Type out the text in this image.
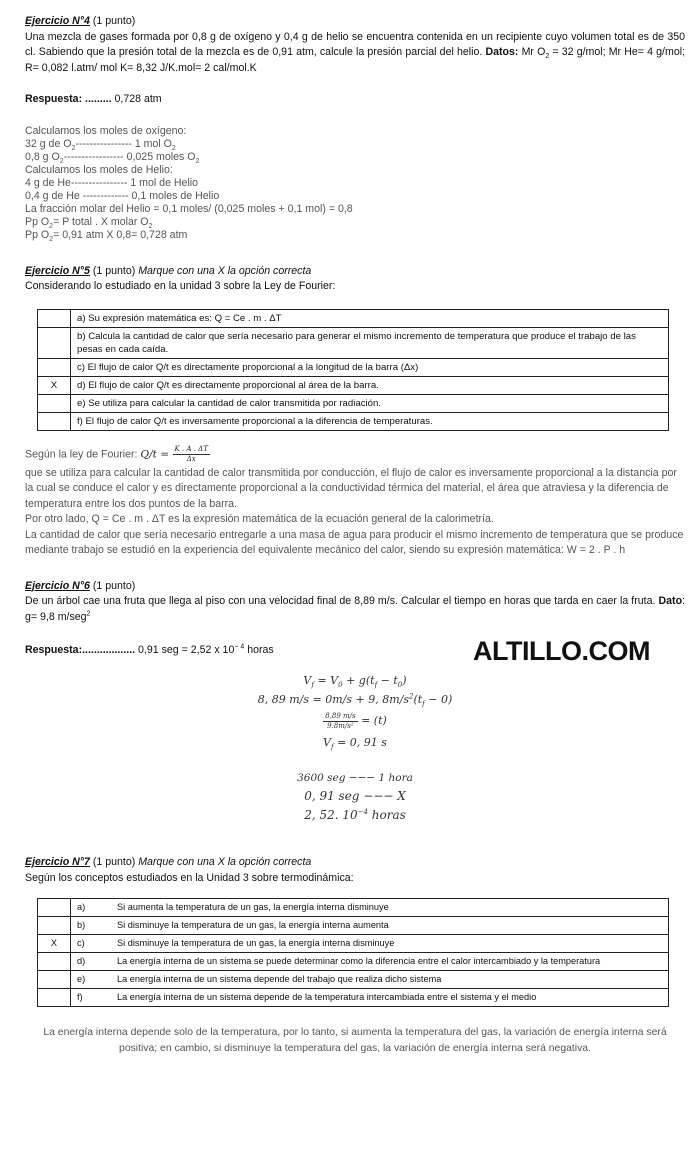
Ejercicio N°4 (1 punto)
Una mezcla de gases formada por 0,8 g de oxígeno y 0,4 g de helio se encuentra contenida en un recipiente cuyo volumen total es de 350 cl. Sabiendo que la presión total de la mezcla es de 0,91 atm, calcule la presión parcial del helio. Datos: Mr $O_2 = 32$ g/mol; Mr He= 4 g/mol; R= 0,082 l.atm/ mol K= 8,32 J/K.mol= 2 cal/mol.K
Respuesta: ......... 0,728 atm
Calculamos los moles de oxígeno:
32 g de $O_2----------------$ 1 mol $O_2$
0,8 g $O_2-----------------$ 0,025 moles $O_2$
Calculamos los moles de Helio:
4 g de He---------------- 1 mol de Helio
0,4 g de He ------------- 0,1 moles de Helio
La fracción molar del Helio = 0,1 moles/ (0,025 moles + 0,1 mol) = 0,8
Pp $O_2= P$ total . X molar $O_2$
Pp $O_2= 0,91$ atm X 0,8= 0,728 atm
Ejercicio N°5 (1 punto) Marque con una X la opción correcta
Considerando lo estudiado en la unidad 3 sobre la Ley de Fourier:
	a) Su expresión matemática es: Q = Ce . m . ΔT
	b) Calcula la cantidad de calor que sería necesario para generar el mismo incremento de temperatura que produce el trabajo de las pesas en cada caída.
	c) El flujo de calor Q/t es directamente proporcional a la longitud de la barra (Δx)
X	d) El flujo de calor Q/t es directamente proporcional al área de la barra.
	e) Se utiliza para calcular la cantidad de calor transmitida por radiación.
	f) El flujo de calor Q/t es inversamente proporcional a la diferencia de temperaturas.
Según la ley de Fourier: $Q/t = \frac{K . A . \Delta T}{\Delta x}$
que se utiliza para calcular la cantidad de calor transmitida por conducción, el flujo de calor es inversamente proporcional a la distancia por la cual se conduce el calor y es directamente proporcional a la conductividad térmica del material, el área que atraviesa y la diferencia de temperatura entre los dos puntos de la barra.
Por otro lado, Q = Ce . m . ΔT es la expresión matemática de la ecuación general de la calorimetría.
La cantidad de calor que sería necesario entregarle a una masa de agua para producir el mismo incremento de temperatura que se produce mediante trabajo se estudió en la experiencia del equivalente mecánico del calor, siendo su expresión matemática: W = 2 . P . h
Ejercicio N°6 (1 punto)
De un árbol cae una fruta que llega al piso con una velocidad final de 8,89 m/s. Calcular el tiempo en horas que tarda en caer la fruta. Dato: g= 9,8 m/seg$^2$
Respuesta:.................. 0,91 seg = 2,52 x $10^{- 4}$ horas	ALTILLO.COM
$V_f = V_0 + g(t_f - t_0)$
8, 89 m/s = 0m/s + 9, $8m/s^2(t_f - 0)$
$\frac{8,89 m/s}{\text{9.8m/s²}} = (t)$
$V_f = 0$, 91 s
3600 seg −−− 1 hora
0, 91 seg −−− X
2, 52. $10^{-4}$ horas
Ejercicio N°7 (1 punto) Marque con una X la opción correcta
Según los conceptos estudiados en la Unidad 3 sobre termodinámica:
	a) Si aumenta la temperatura de un gas, la energía interna disminuye
	b) Si disminuye la temperatura de un gas, la energía interna aumenta
X	c) Si disminuye la temperatura de un gas, la energía interna disminuye
	d) La energía interna de un sistema se puede determinar como la diferencia entre el calor intercambiado y la temperatura
	e) La energía interna de un sistema depende del trabajo que realiza dicho sistema
	f) La energía interna de un sistema depende de la temperatura intercambiada entre el sistema y el medio
La energía interna depende solo de la temperatura, por lo tanto, si aumenta la temperatura del gas, la variación de energía interna será positiva; en cambio, si disminuye la temperatura del gas, la variación de energía interna será negativa.
